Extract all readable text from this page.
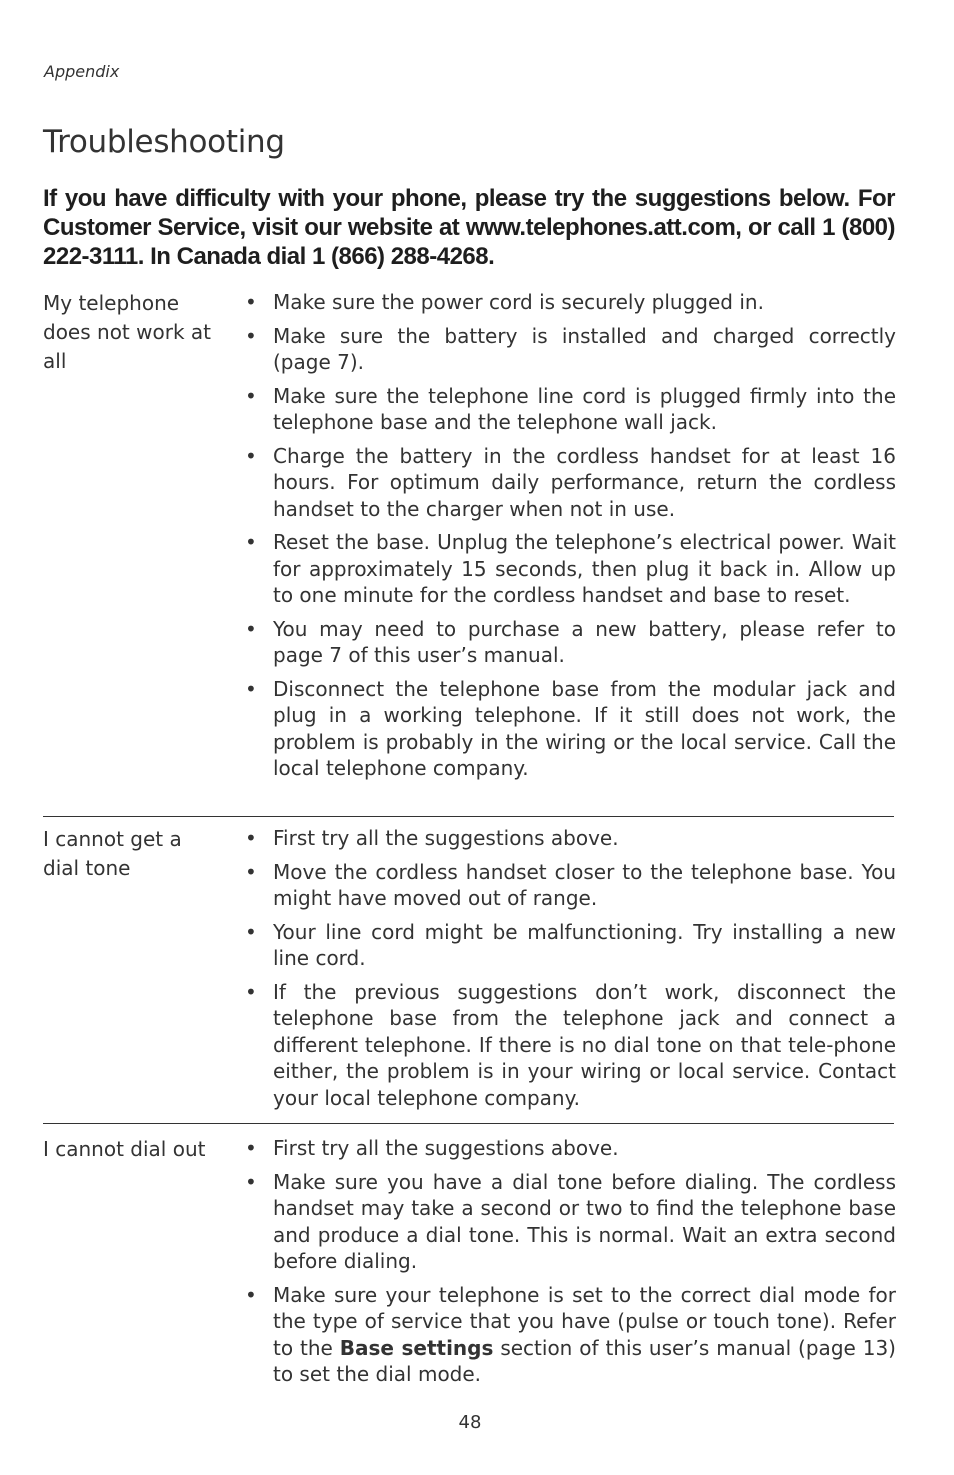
Appendix
Troubleshooting

If you have difficulty with your phone, please try the suggestions below. For Customer Service, visit our website at www.telephones.att.com, or call 1 (800) 222-3111. In Canada dial 1 (866) 288-4268.

My telephone does not work at all
• Make sure the power cord is securely plugged in.
• Make sure the battery is installed and charged correctly (page 7).
• Make sure the telephone line cord is plugged firmly into the telephone base and the telephone wall jack.
• Charge the battery in the cordless handset for at least 16 hours. For optimum daily performance, return the cordless handset to the charger when not in use.
• Reset the base. Unplug the telephone’s electrical power. Wait for approximately 15 seconds, then plug it back in. Allow up to one minute for the cordless handset and base to reset.
• You may need to purchase a new battery, please refer to page 7 of this user’s manual.
• Disconnect the telephone base from the modular jack and plug in a working telephone. If it still does not work, the problem is probably in the wiring or the local service. Call the local telephone company.
I cannot get a dial tone
• First try all the suggestions above.
• Move the cordless handset closer to the telephone base. You might have moved out of range.
• Your line cord might be malfunctioning. Try installing a new line cord.
• If the previous suggestions don’t work, disconnect the telephone base from the telephone jack and connect a different telephone. If there is no dial tone on that tele-phone either, the problem is in your wiring or local service. Contact your local telephone company.
I cannot dial out
•	First try all the suggestions above.
• Make sure you have a dial tone before dialing. The cordless handset may take a second or two to find the telephone base and produce a dial tone. This is normal. Wait an extra second before dialing.
• Make sure your telephone is set to the correct dial mode for the type of service that you have (pulse or touch tone). Refer to the Base settings section of this user’s manual (page 13) to set the dial mode.
48
